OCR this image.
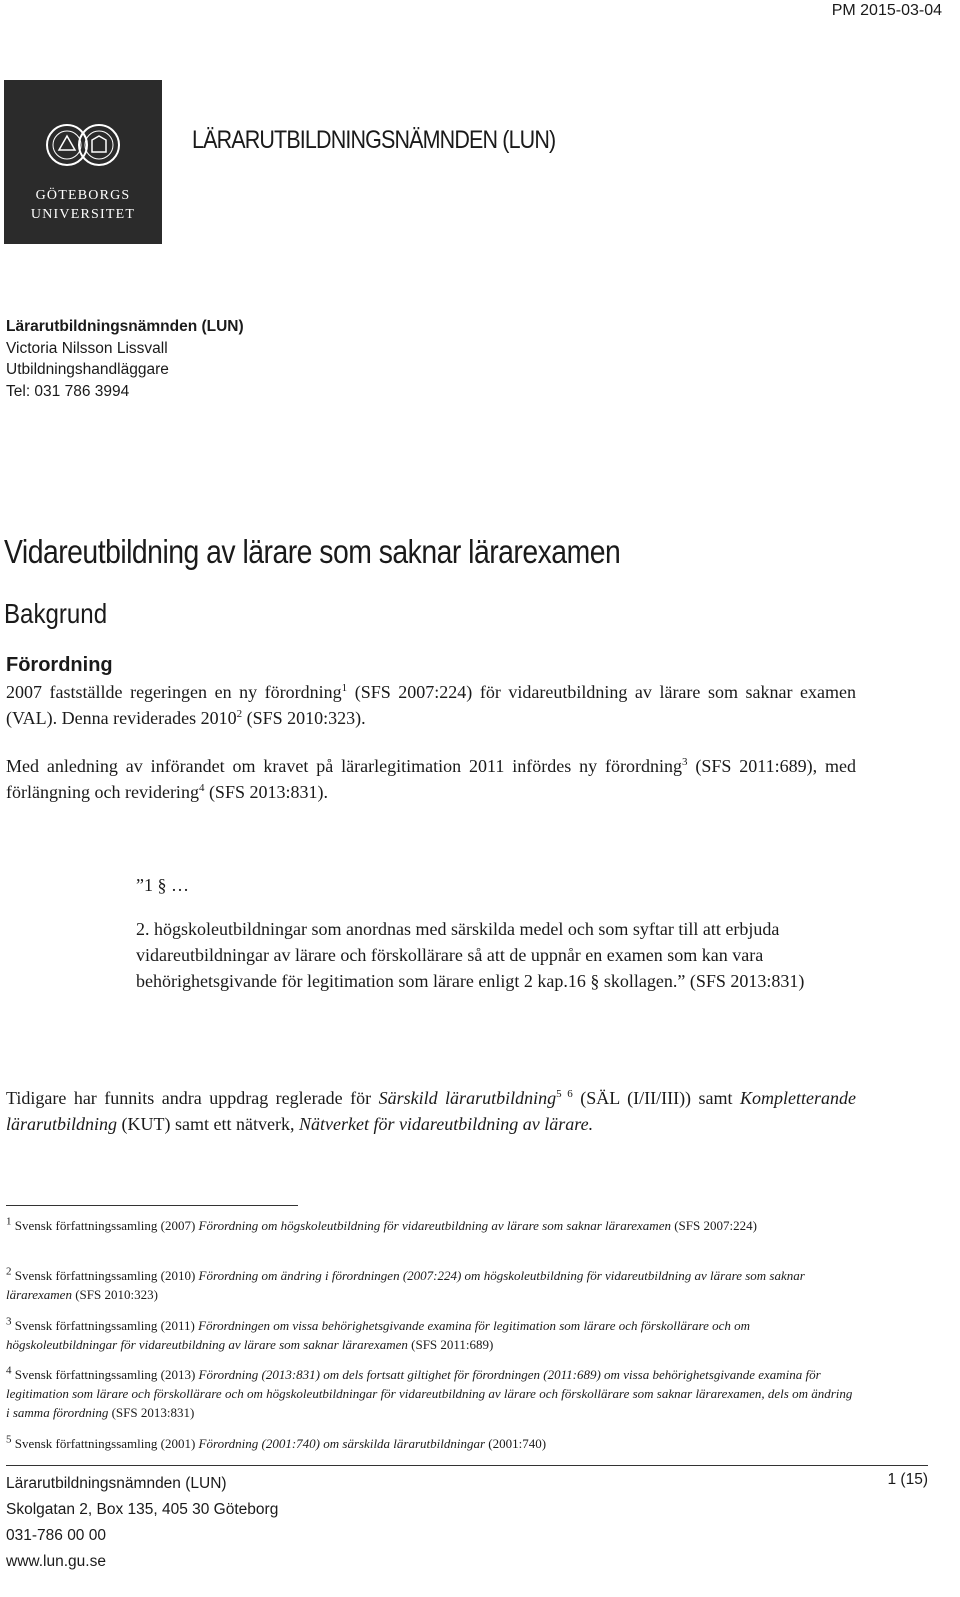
PM 2015-03-04
GÖTEBORGS
UNIVERSITET
LÄRARUTBILDNINGSNÄMNDEN (LUN)
Lärarutbildningsnämnden (LUN)
Victoria Nilsson Lissvall
Utbildningshandläggare
Tel: 031 786 3994
Vidareutbildning av lärare som saknar lärarexamen
Bakgrund
Förordning
2007 fastställde regeringen en ny förordning$^1$ (SFS 2007:224) för vidareutbildning av lärare som saknar examen (VAL). Denna reviderades 2010$^2$ (SFS 2010:323).
Med anledning av införandet om kravet på lärarlegitimation 2011 infördes ny förordning$^3$ (SFS 2011:689), med förlängning och revidering$^4$ (SFS 2013:831).
”1 § …
2. högskoleutbildningar som anordnas med särskilda medel och som syftar till att erbjuda vidareutbildningar av lärare och förskollärare så att de uppnår en examen som kan vara behörighetsgivande för legitimation som lärare enligt 2 kap.16 § skollagen.” (SFS 2013:831)
Tidigare har funnits andra uppdrag reglerade för Särskild lärarutbildning$^{5 6}$ (SÄL (I/II/III)) samt Kompletterande lärarutbildning (KUT) samt ett nätverk, Nätverket för vidareutbildning av lärare.
$^1$ Svensk författningssamling (2007) Förordning om högskoleutbildning för vidareutbildning av lärare som saknar lärarexamen (SFS 2007:224)
$^2$ Svensk författningssamling (2010) Förordning om ändring i förordningen (2007:224) om högskoleutbildning för vidareutbildning av lärare som saknar lärarexamen (SFS 2010:323)
$^3$ Svensk författningssamling (2011) Förordningen om vissa behörighetsgivande examina för legitimation som lärare och förskollärare och om högskoleutbildningar för vidareutbildning av lärare som saknar lärarexamen (SFS 2011:689)
$^4$ Svensk författningssamling (2013) Förordning (2013:831) om dels fortsatt giltighet för förordningen (2011:689) om vissa behörighetsgivande examina för legitimation som lärare och förskollärare och om högskoleutbildningar för vidareutbildning av lärare och förskollärare som saknar lärarexamen, dels om ändring i samma förordning (SFS 2013:831)
$^5$ Svensk författningssamling (2001) Förordning (2001:740) om särskilda lärarutbildningar (2001:740)
Lärarutbildningsnämnden (LUN)
Skolgatan 2, Box 135, 405 30 Göteborg
031-786 00 00
www.lun.gu.se
1 (15)
